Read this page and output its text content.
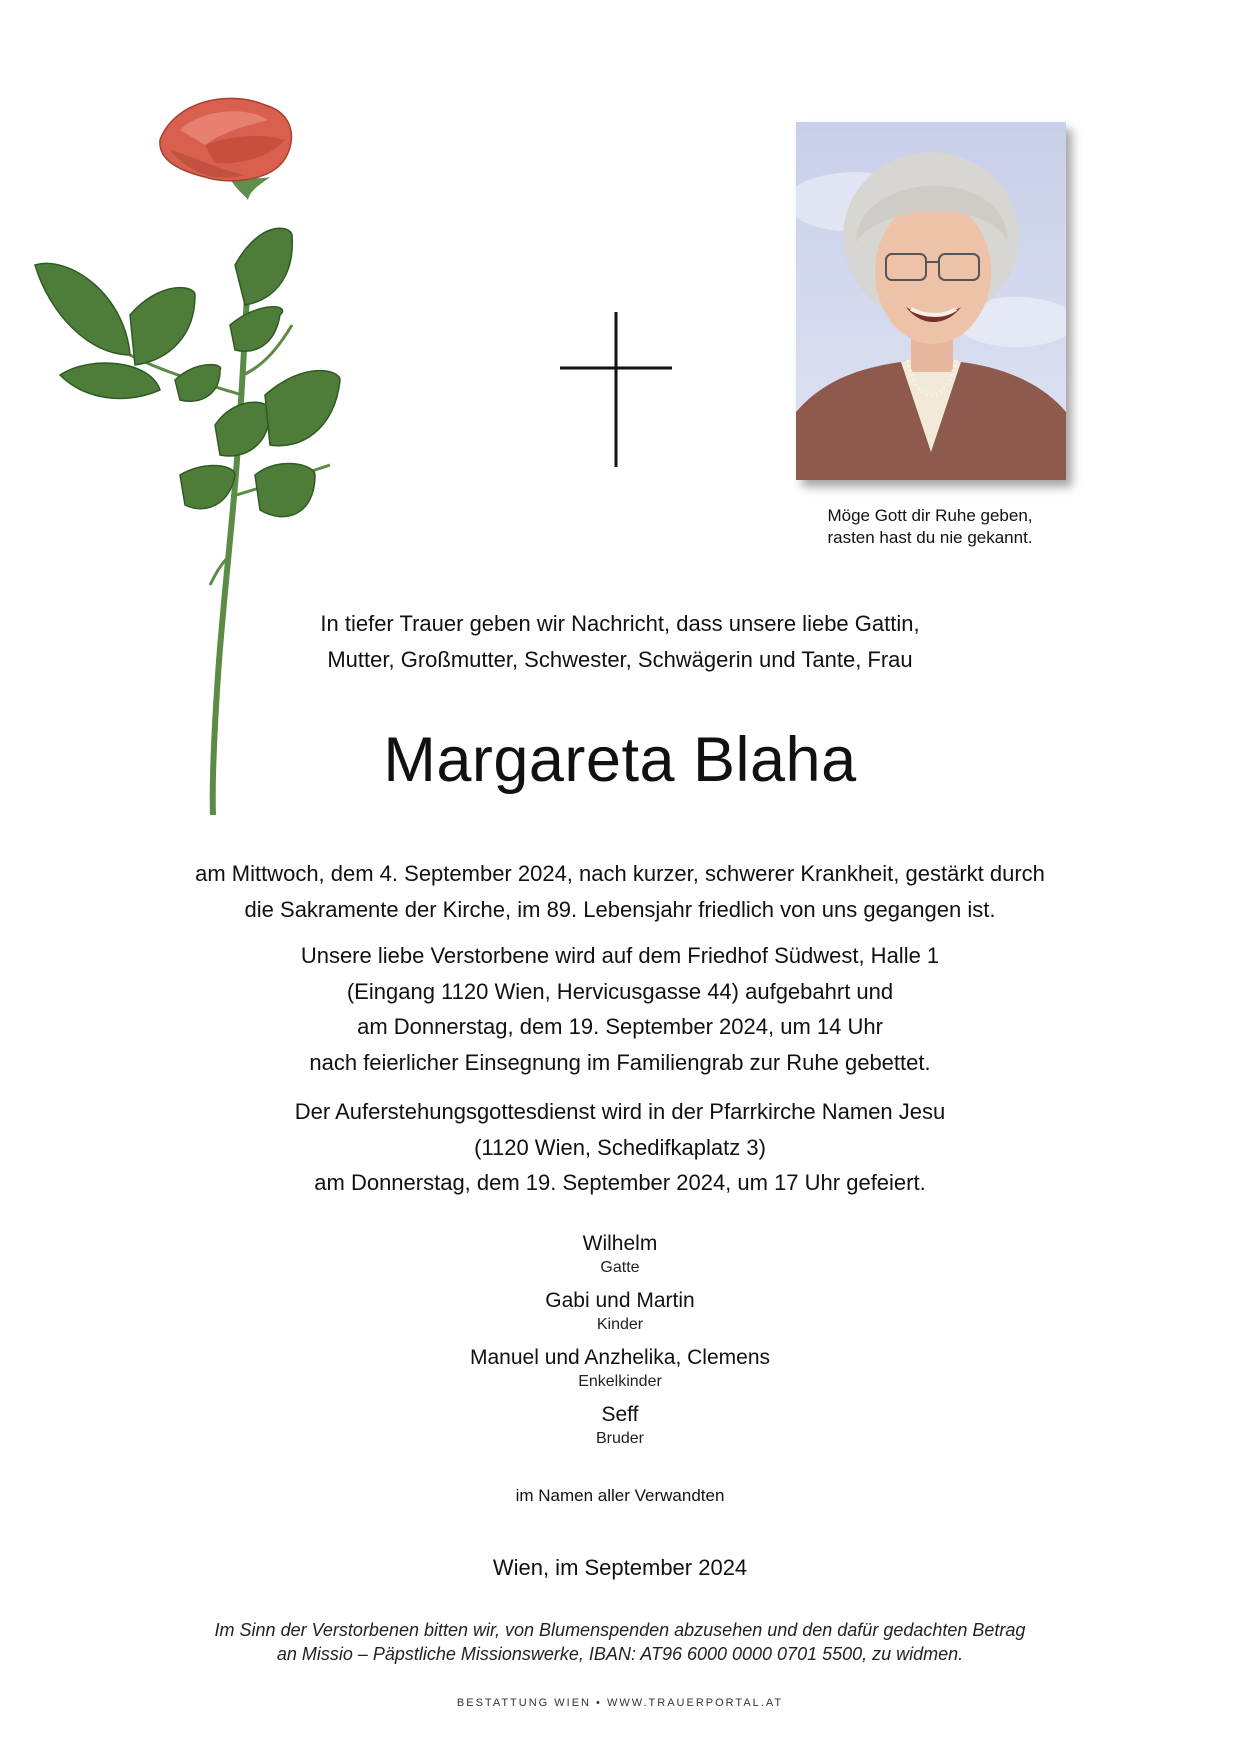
Möge Gott dir Ruhe geben,
rasten hast du nie gekannt.
In tiefer Trauer geben wir Nachricht, dass unsere liebe Gattin,
Mutter, Großmutter, Schwester, Schwägerin und Tante, Frau
Margareta Blaha
am Mittwoch, dem 4. September 2024, nach kurzer, schwerer Krankheit, gestärkt durch
die Sakramente der Kirche, im 89. Lebensjahr friedlich von uns gegangen ist.
Unsere liebe Verstorbene wird auf dem Friedhof Südwest, Halle 1
(Eingang 1120 Wien, Hervicusgasse 44) aufgebahrt und
am Donnerstag, dem 19. September 2024, um 14 Uhr
nach feierlicher Einsegnung im Familiengrab zur Ruhe gebettet.
Der Auferstehungsgottesdienst wird in der Pfarrkirche Namen Jesu
(1120 Wien, Schedifkaplatz 3)
am Donnerstag, dem 19. September 2024, um 17 Uhr gefeiert.
Wilhelm
Gatte
Gabi und Martin
Kinder
Manuel und Anzhelika, Clemens
Enkelkinder
Seff
Bruder
im Namen aller Verwandten
Wien, im September 2024
Im Sinn der Verstorbenen bitten wir, von Blumenspenden abzusehen und den dafür gedachten Betrag
an Missio – Päpstliche Missionswerke, IBAN: AT96 6000 0000 0701 5500, zu widmen.
BESTATTUNG WIEN • WWW.TRAUERPORTAL.AT
